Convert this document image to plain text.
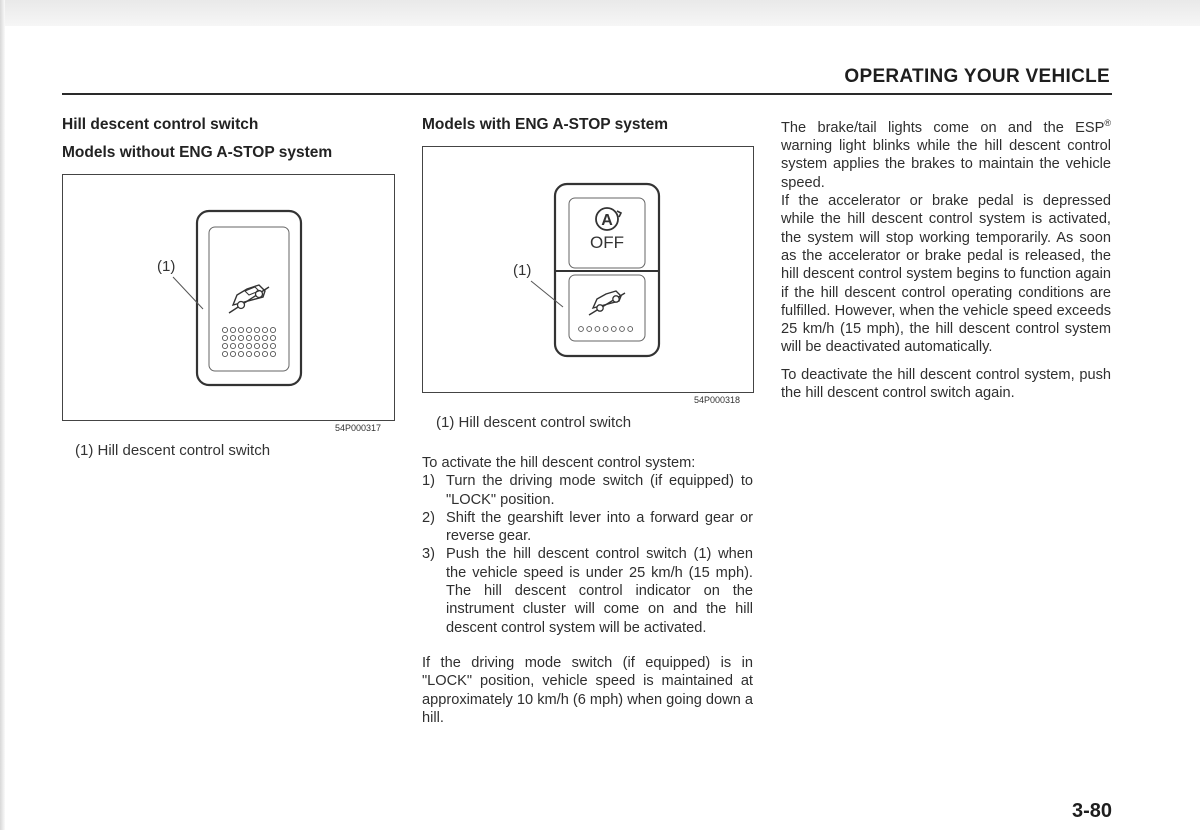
OPERATING YOUR VEHICLE
Hill descent control switch
Models without ENG A-STOP system
(1)
54P000317
(1) Hill descent control switch
Models with ENG A-STOP system
A
OFF
(1)
54P000318
(1) Hill descent control switch

To activate the hill descent control system:

1) Turn the driving mode switch (if equipped) to "LOCK" position.
2) Shift the gearshift lever into a forward gear or reverse gear.
3) Push the hill descent control switch (1) when the vehicle speed is under 25 km/h (15 mph). The hill descent control indicator on the instrument cluster will come on and the hill descent control system will be activated.

If the driving mode switch (if equipped) is in "LOCK" position, vehicle speed is maintained at approximately 10 km/h (6 mph) when going down a hill.

The brake/tail lights come on and the ESP® warning light blinks while the hill descent control system applies the brakes to maintain the vehicle speed.

If the accelerator or brake pedal is depressed while the hill descent control system is activated, the system will stop working temporarily. As soon as the accelerator or brake pedal is released, the hill descent control system begins to function again if the hill descent control operating conditions are fulfilled. However, when the vehicle speed exceeds 25 km/h (15 mph), the hill descent control system will be deactivated automatically.

To deactivate the hill descent control system, push the hill descent control switch again.

3-80
